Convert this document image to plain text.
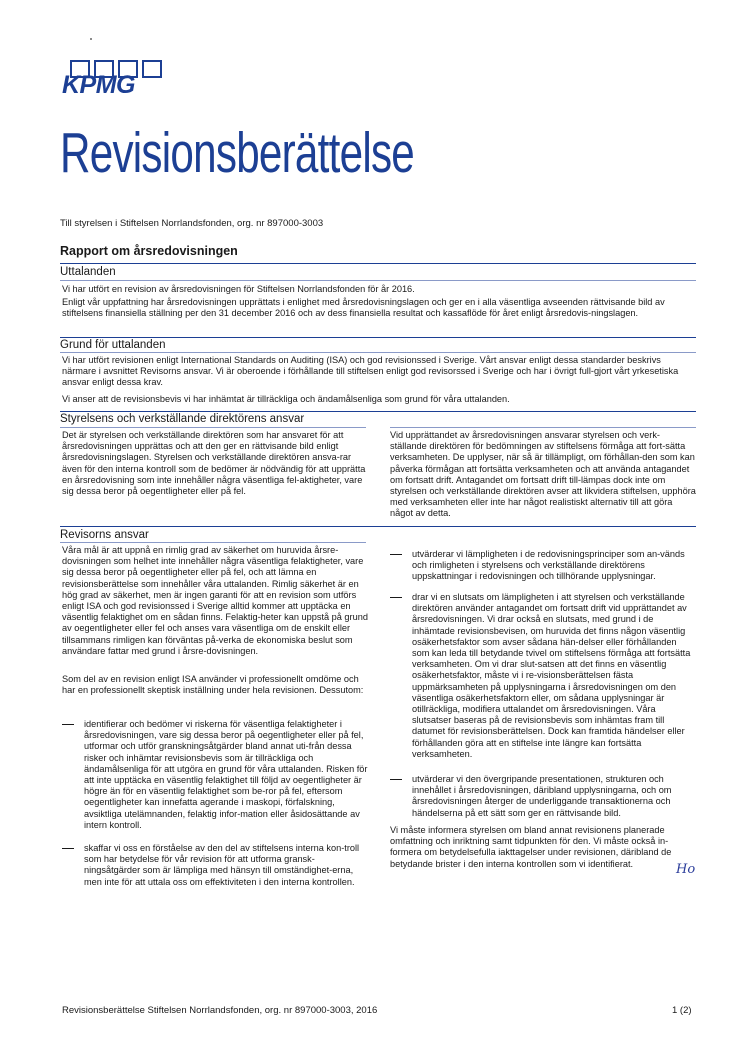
KPMG
Revisionsberättelse
Till styrelsen i Stiftelsen Norrlandsfonden, org. nr 897000-3003
Rapport om årsredovisningen
Uttalanden

Vi har utfört en revision av årsredovisningen för Stiftelsen Norrlandsfonden för år 2016.

Enligt vår uppfattning har årsredovisningen upprättats i enlighet med årsredovisningslagen och ger en i alla väsentliga avseenden rättvisande bild av stiftelsens finansiella ställning per den 31 december 2016 och av dess finansiella resultat och kassaflöde för året enligt årsredovis-ningslagen.

Grund för uttalanden

Vi har utfört revisionen enligt International Standards on Auditing (ISA) och god revisionssed i Sverige. Vårt ansvar enligt dessa standarder beskrivs närmare i avsnittet Revisorns ansvar. Vi är oberoende i förhållande till stiftelsen enligt god revisorssed i Sverige och har i övrigt full-gjort vårt yrkesetiska ansvar enligt dessa krav.

Vi anser att de revisionsbevis vi har inhämtat är tillräckliga och ändamålsenliga som grund för våra uttalanden.

Styrelsens och verkställande direktörens ansvar

Det är styrelsen och verkställande direktören som har ansvaret för att årsredovisningen upprättas och att den ger en rättvisande bild enligt årsredovisningslagen. Styrelsen och verkställande direktören ansva-rar även för den interna kontroll som de bedömer är nödvändig för att upprätta en årsredovisning som inte innehåller några väsentliga fel-aktigheter, vare sig dessa beror på oegentligheter eller på fel.

Vid upprättandet av årsredovisningen ansvarar styrelsen och verk-ställande direktören för bedömningen av stiftelsens förmåga att fort-sätta verksamheten. De upplyser, när så är tillämpligt, om förhållan-den som kan påverka förmågan att fortsätta verksamheten och att använda antagandet om fortsatt drift. Antagandet om fortsatt drift till-lämpas dock inte om styrelsen och verkställande direktören avser att likvidera stiftelsen, upphöra med verksamheten eller inte har något realistiskt alternativ till att göra något av detta.

Revisorns ansvar

Våra mål är att uppnå en rimlig grad av säkerhet om huruvida årsre-dovisningen som helhet inte innehåller några väsentliga felaktigheter, vare sig dessa beror på oegentligheter eller på fel, och att lämna en revisionsberättelse som innehåller våra uttalanden. Rimlig säkerhet är en hög grad av säkerhet, men är ingen garanti för att en revision som utförs enligt ISA och god revisionssed i Sverige alltid kommer att upptäcka en väsentlig felaktighet om en sådan finns. Felaktig-heter kan uppstå på grund av oegentligheter eller fel och anses vara väsentliga om de enskilt eller tillsammans rimligen kan förväntas på-verka de ekonomiska beslut som användare fattar med grund i årsre-dovisningen.

Som del av en revision enligt ISA använder vi professionellt omdöme och har en professionellt skeptisk inställning under hela revisionen. Dessutom:

identifierar och bedömer vi riskerna för väsentliga felaktigheter i årsredovisningen, vare sig dessa beror på oegentligheter eller på fel, utformar och utför granskningsåtgärder bland annat uti-från dessa risker och inhämtar revisionsbevis som är tillräckliga och ändamålsenliga för att utgöra en grund för våra uttalanden. Risken för att inte upptäcka en väsentlig felaktighet till följd av oegentligheter är högre än för en väsentlig felaktighet som be-ror på fel, eftersom oegentligheter kan innefatta agerande i maskopi, förfalskning, avsiktliga utelämnanden, felaktig infor-mation eller åsidosättande av intern kontroll.
skaffar vi oss en förståelse av den del av stiftelsens interna kon-troll som har betydelse för vår revision för att utforma gransk-ningsåtgärder som är lämpliga med hänsyn till omständighet-erna, men inte för att uttala oss om effektiviteten i den interna kontrollen.
utvärderar vi lämpligheten i de redovisningsprinciper som an-vänds och rimligheten i styrelsens och verkställande direktörens uppskattningar i redovisningen och tillhörande upplysningar.
drar vi en slutsats om lämpligheten i att styrelsen och verkställande direktören använder antagandet om fortsatt drift vid upprättandet av årsredovisningen. Vi drar också en slutsats, med grund i de inhämtade revisionsbevisen, om huruvida det finns någon väsentlig osäkerhetsfaktor som avser sådana hän-delser eller förhållanden som kan leda till betydande tvivel om stiftelsens förmåga att fortsätta verksamheten. Om vi drar slut-satsen att det finns en väsentlig osäkerhetsfaktor, måste vi i re-visionsberättelsen fästa uppmärksamheten på upplysningarna i årsredovisningen om den väsentliga osäkerhetsfaktorn eller, om sådana upplysningar är otillräckliga, modifiera uttalandet om årsredovisningen. Våra slutsatser baseras på de revisionsbevis som inhämtas fram till datumet för revisionsberättelsen. Dock kan framtida händelser eller förhållanden göra att en stiftelse inte längre kan fortsätta verksamheten.
utvärderar vi den övergripande presentationen, strukturen och innehållet i årsredovisningen, däribland upplysningarna, och om årsredovisningen återger de underliggande transaktionerna och händelserna på ett sätt som ger en rättvisande bild.

Vi måste informera styrelsen om bland annat revisionens planerade omfattning och inriktning samt tidpunkten för den. Vi måste också in-formera om betydelsefulla iakttagelser under revisionen, däribland de betydande brister i den interna kontrollen som vi identifierat.	Ho
Revisionsberättelse Stiftelsen Norrlandsfonden, org. nr 897000-3003, 2016	1 (2)
